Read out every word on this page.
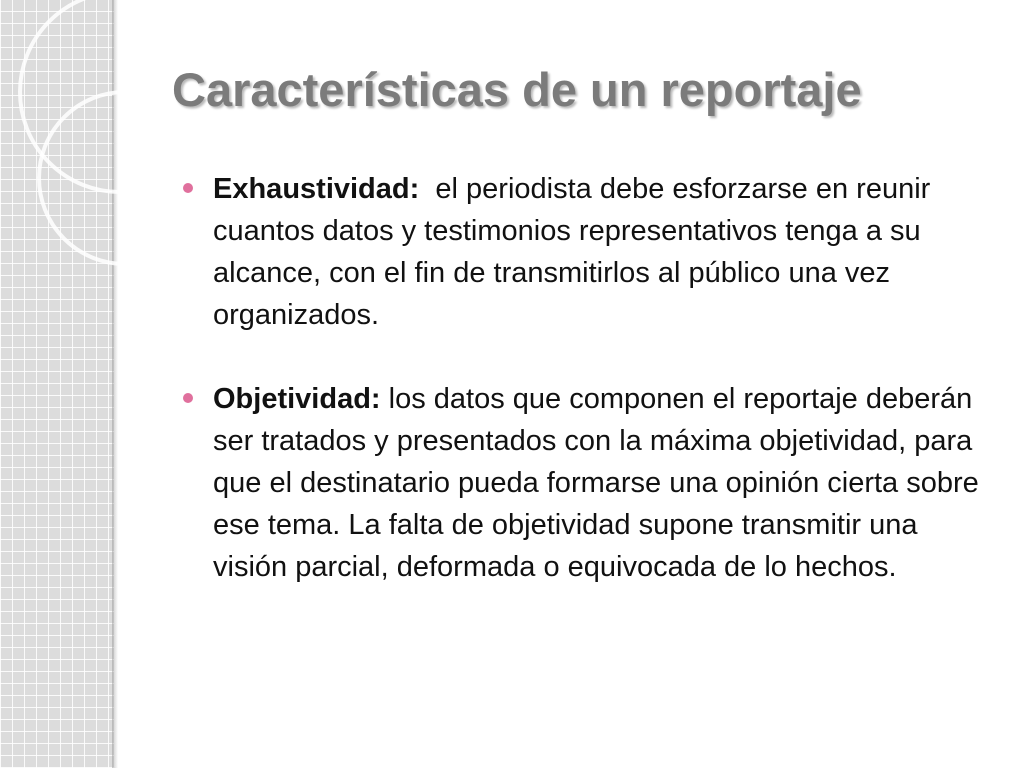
Características de un reportaje
Exhaustividad: el periodista debe esforzarse en reunir cuantos datos y testimonios representativos tenga a su alcance, con el fin de transmitirlos al público una vez organizados.
Objetividad: los datos que componen el reportaje deberán ser tratados y presentados con la máxima objetividad, para que el destinatario pueda formarse una opinión cierta sobre ese tema. La falta de objetividad supone transmitir una visión parcial, deformada o equivocada de lo hechos.
